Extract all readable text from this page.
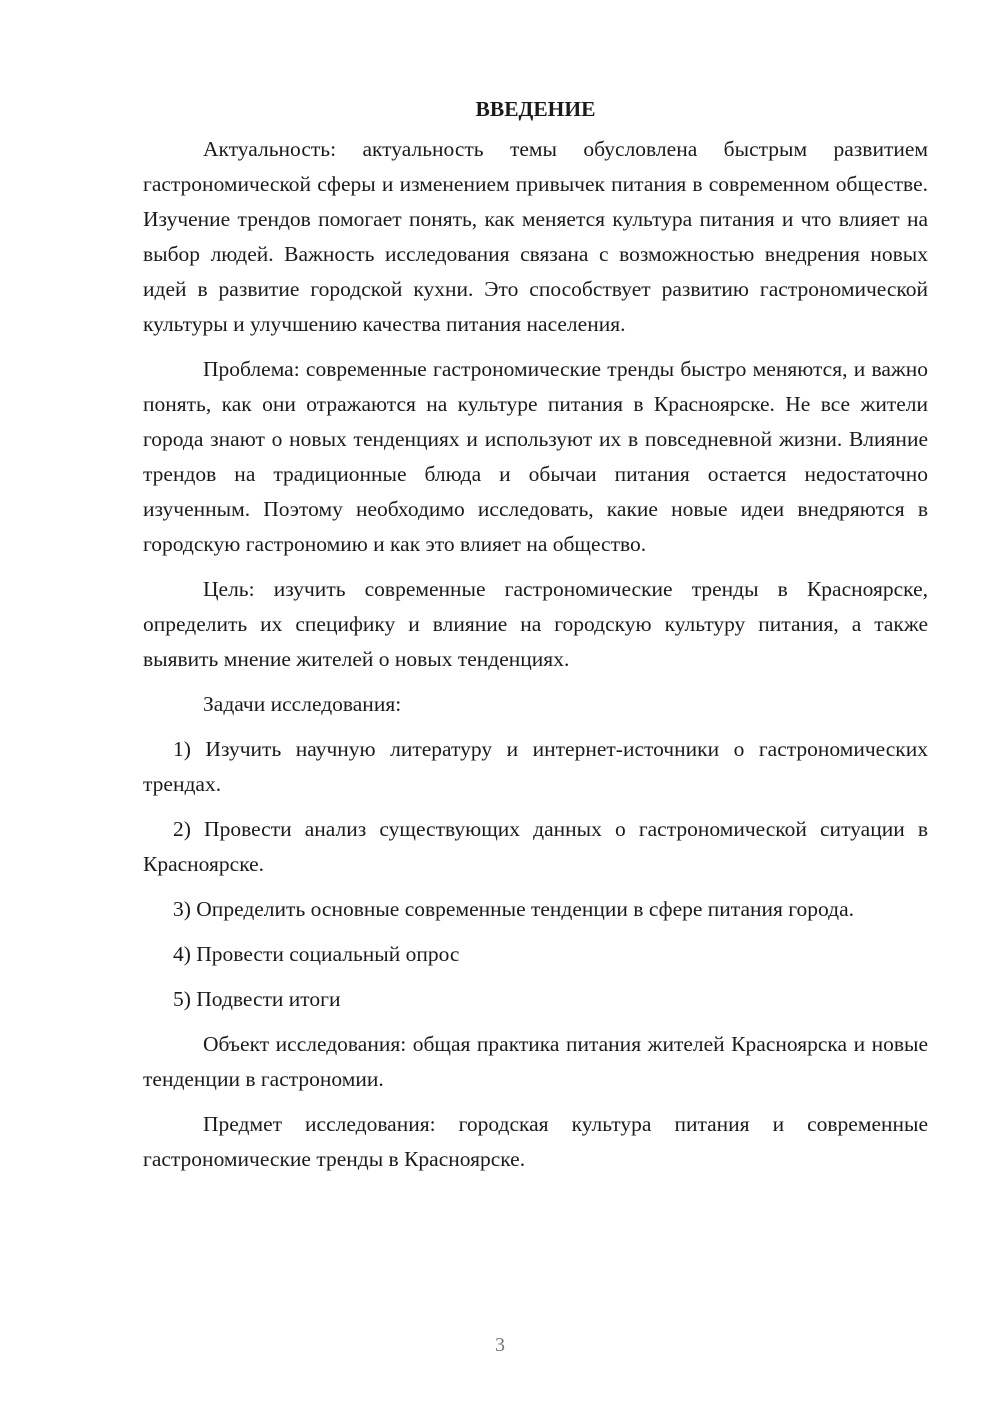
ВВЕДЕНИЕ

Актуальность: актуальность темы обусловлена быстрым развитием гастрономической сферы и изменением привычек питания в современном обществе. Изучение трендов помогает понять, как меняется культура питания и что влияет на выбор людей. Важность исследования связана с возможностью внедрения новых идей в развитие городской кухни. Это способствует развитию гастрономической культуры и улучшению качества питания населения.

Проблема: современные гастрономические тренды быстро меняются, и важно понять, как они отражаются на культуре питания в Красноярске. Не все жители города знают о новых тенденциях и используют их в повседневной жизни. Влияние трендов на традиционные блюда и обычаи питания остается недостаточно изученным. Поэтому необходимо исследовать, какие новые идеи внедряются в городскую гастрономию и как это влияет на общество.

Цель: изучить современные гастрономические тренды в Красноярске, определить их специфику и влияние на городскую культуру питания, а также выявить мнение жителей о новых тенденциях.

Задачи исследования:

1) Изучить научную литературу и интернет-источники о гастрономических трендах.

2) Провести анализ существующих данных о гастрономической ситуации в Красноярске.

3) Определить основные современные тенденции в сфере питания города.

4) Провести социальный опрос

5) Подвести итоги

Объект исследования: общая практика питания жителей Красноярска и новые тенденции в гастрономии.

Предмет исследования: городская культура питания и современные гастрономические тренды в Красноярске.

3
